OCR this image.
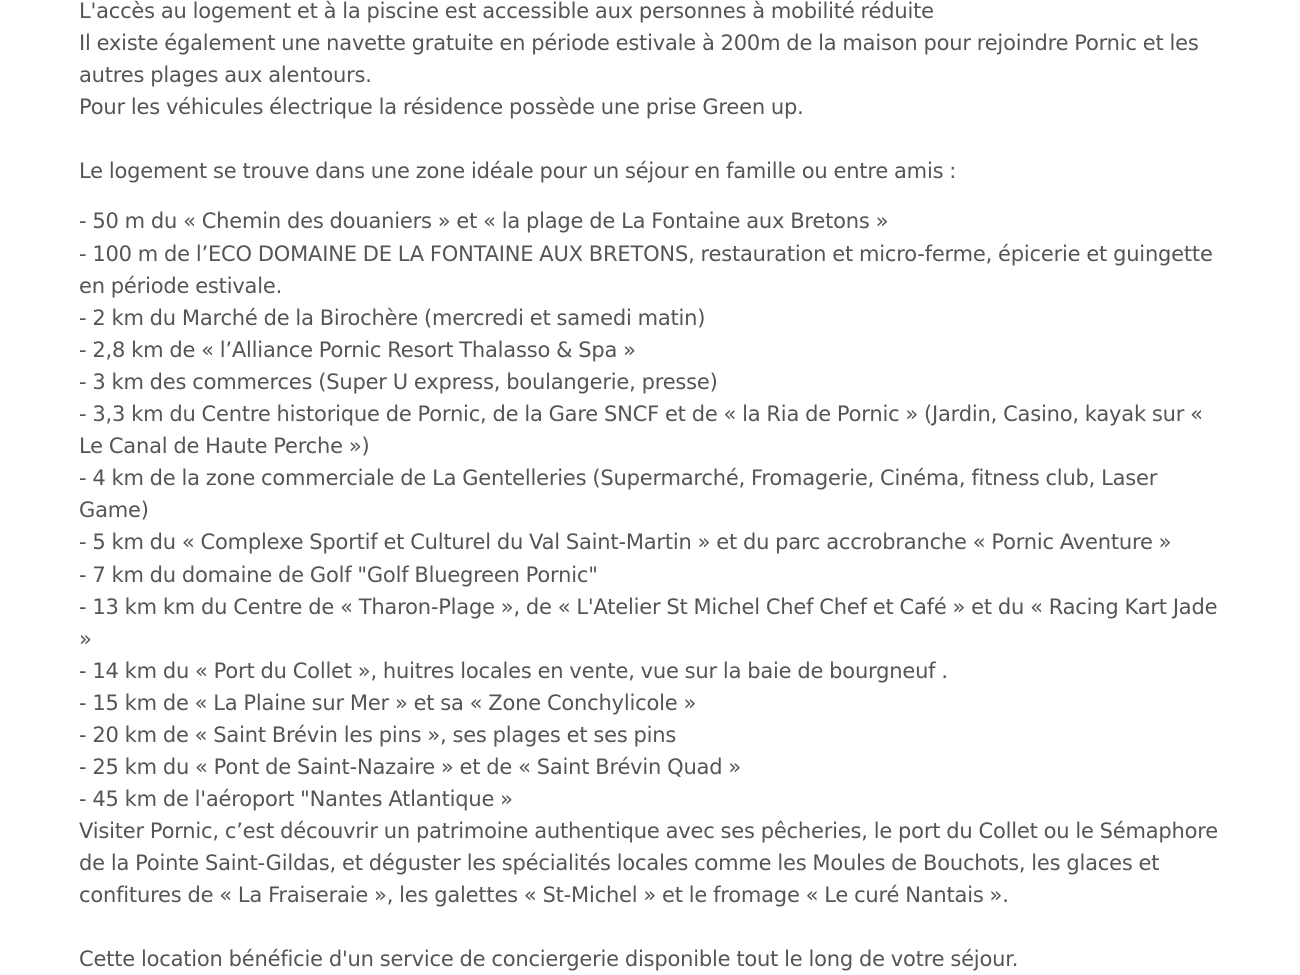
L'accès au logement et à la piscine est accessible aux personnes à mobilité réduite

Il existe également une navette gratuite en période estivale à 200m de la maison pour rejoindre Pornic et les autres plages aux alentours.

Pour les véhicules électrique la résidence possède une prise Green up.

Le logement se trouve dans une zone idéale pour un séjour en famille ou entre amis :

- 50 m du « Chemin des douaniers » et « la plage de La Fontaine aux Bretons »

- 100 m de l’ECO DOMAINE DE LA FONTAINE AUX BRETONS, restauration et micro-ferme, épicerie et guingette en période estivale.

- 2 km du Marché de la Birochère (mercredi et samedi matin)

- 2,8 km de « l’Alliance Pornic Resort Thalasso & Spa »

- 3 km des commerces (Super U express, boulangerie, presse)

- 3,3 km du Centre historique de Pornic, de la Gare SNCF et de « la Ria de Pornic » (Jardin, Casino, kayak sur « Le Canal de Haute Perche »)

- 4 km de la zone commerciale de La Gentelleries (Supermarché, Fromagerie, Cinéma, fitness club, Laser Game)

- 5 km du « Complexe Sportif et Culturel du Val Saint-Martin » et du parc accrobranche « Pornic Aventure »

- 7 km du domaine de Golf "Golf Bluegreen Pornic"

- 13 km km du Centre de « Tharon-Plage », de « L'Atelier St Michel Chef Chef et Café » et du « Racing Kart Jade »

- 14 km du « Port du Collet », huitres locales en vente, vue sur la baie de bourgneuf .

- 15 km de « La Plaine sur Mer » et sa « Zone Conchylicole »

- 20 km de « Saint Brévin les pins », ses plages et ses pins

- 25 km du « Pont de Saint-Nazaire » et de « Saint Brévin Quad »

- 45 km de l'aéroport "Nantes Atlantique »

Visiter Pornic, c’est découvrir un patrimoine authentique avec ses pêcheries, le port du Collet ou le Sémaphore de la Pointe Saint-Gildas, et déguster les spécialités locales comme les Moules de Bouchots, les glaces et confitures de « La Fraiseraie », les galettes « St-Michel » et le fromage « Le curé Nantais ».

Cette location bénéficie d'un service de conciergerie disponible tout le long de votre séjour.
